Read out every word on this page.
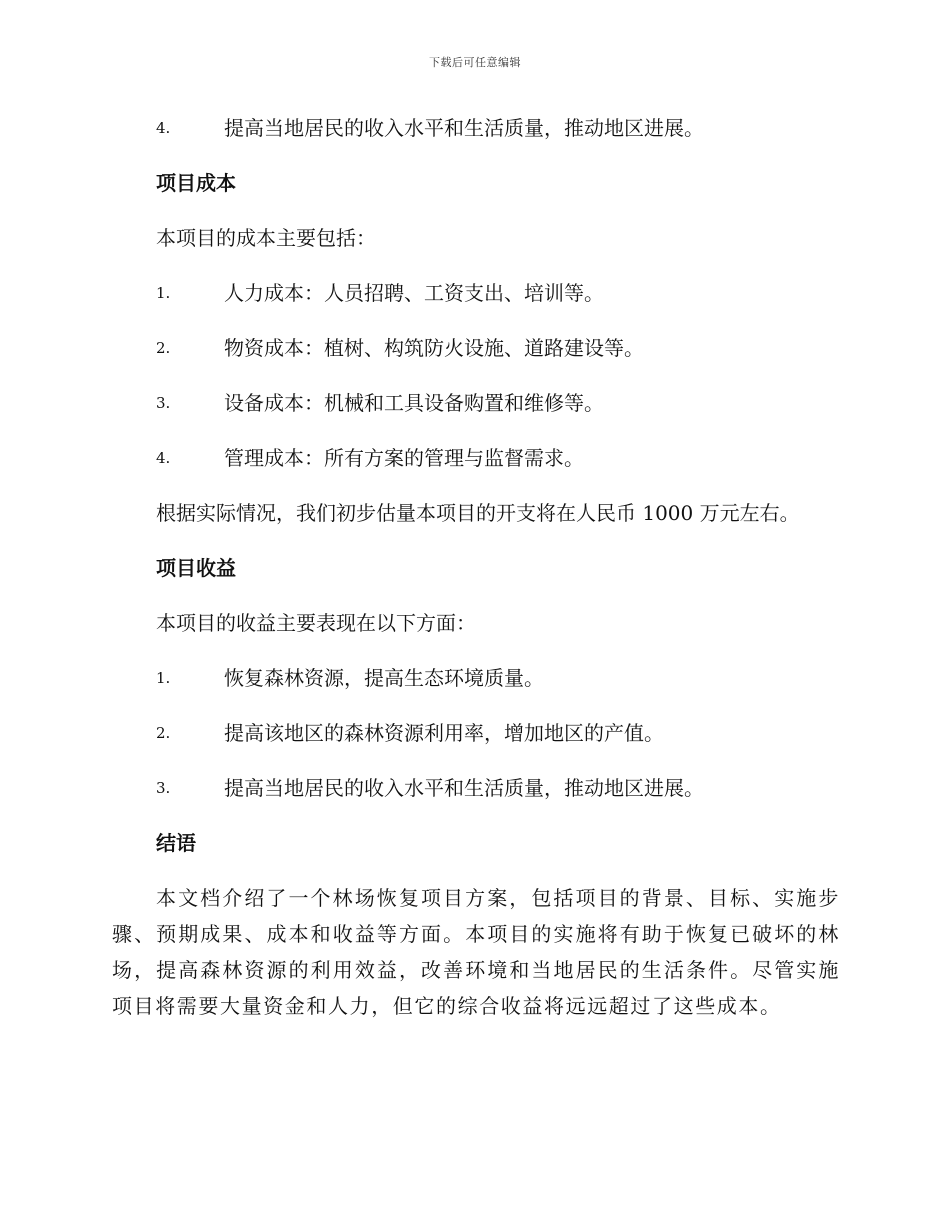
下载后可任意编辑
4.	提高当地居民的收入水平和生活质量，推动地区进展。
项目成本
本项目的成本主要包括：
1.	人力成本：人员招聘、工资支出、培训等。
2.	物资成本：植树、构筑防火设施、道路建设等。
3.	设备成本：机械和工具设备购置和维修等。
4.	管理成本：所有方案的管理与监督需求。
根据实际情况，我们初步估量本项目的开支将在人民币 1000 万元左右。
项目收益
本项目的收益主要表现在以下方面：
1.	恢复森林资源，提高生态环境质量。
2.	提高该地区的森林资源利用率，增加地区的产值。
3.	提高当地居民的收入水平和生活质量，推动地区进展。
结语
本文档介绍了一个林场恢复项目方案，包括项目的背景、目标、实施步骤、预期成果、成本和收益等方面。本项目的实施将有助于恢复已破坏的林场，提高森林资源的利用效益，改善环境和当地居民的生活条件。尽管实施项目将需要大量资金和人力，但它的综合收益将远远超过了这些成本。
